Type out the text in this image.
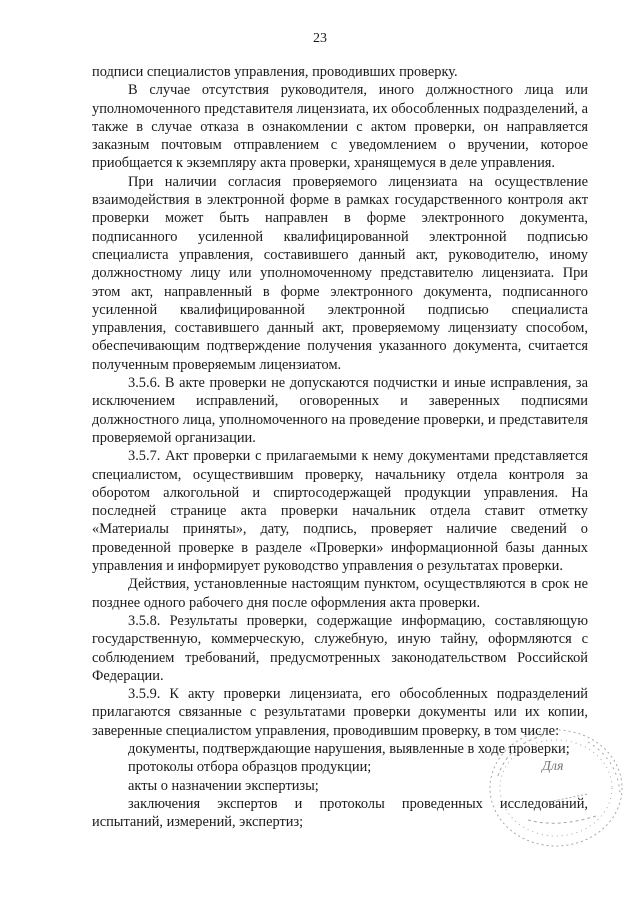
23

подписи специалистов управления, проводивших проверку.

В случае отсутствия руководителя, иного должностного лица или уполномоченного представителя лицензиата, их обособленных подразделений, а также в случае отказа в ознакомлении с актом проверки, он направляется заказным почтовым отправлением с уведомлением о вручении, которое приобщается к экземпляру акта проверки, хранящемуся в деле управления.

При наличии согласия проверяемого лицензиата на осуществление взаимодействия в электронной форме в рамках государственного контроля акт проверки может быть направлен в форме электронного документа, подписанного усиленной квалифицированной электронной подписью специалиста управления, составившего данный акт, руководителю, иному должностному лицу или уполномоченному представителю лицензиата. При этом акт, направленный в форме электронного документа, подписанного усиленной квалифицированной электронной подписью специалиста управления, составившего данный акт, проверяемому лицензиату способом, обеспечивающим подтверждение получения указанного документа, считается полученным проверяемым лицензиатом.

3.5.6. В акте проверки не допускаются подчистки и иные исправления, за исключением исправлений, оговоренных и заверенных подписями должностного лица, уполномоченного на проведение проверки, и представителя проверяемой организации.

3.5.7. Акт проверки с прилагаемыми к нему документами представляется специалистом, осуществившим проверку, начальнику отдела контроля за оборотом алкогольной и спиртосодержащей продукции управления. На последней странице акта проверки начальник отдела ставит отметку «Материалы приняты», дату, подпись, проверяет наличие сведений о проведенной проверке в разделе «Проверки» информационной базы данных управления и информирует руководство управления о результатах проверки.

Действия, установленные настоящим пунктом, осуществляются в срок не позднее одного рабочего дня после оформления акта проверки.

3.5.8. Результаты проверки, содержащие информацию, составляющую государственную, коммерческую, служебную, иную тайну, оформляются с соблюдением требований, предусмотренных законодательством Российской Федерации.

3.5.9. К акту проверки лицензиата, его обособленных подразделений прилагаются связанные с результатами проверки документы или их копии, заверенные специалистом управления, проводившим проверку, в том числе:

документы, подтверждающие нарушения, выявленные в ходе проверки;

протоколы отбора образцов продукции;

акты о назначении экспертизы;

заключения экспертов и протоколы проведенных исследований, испытаний, измерений, экспертиз;

Для
